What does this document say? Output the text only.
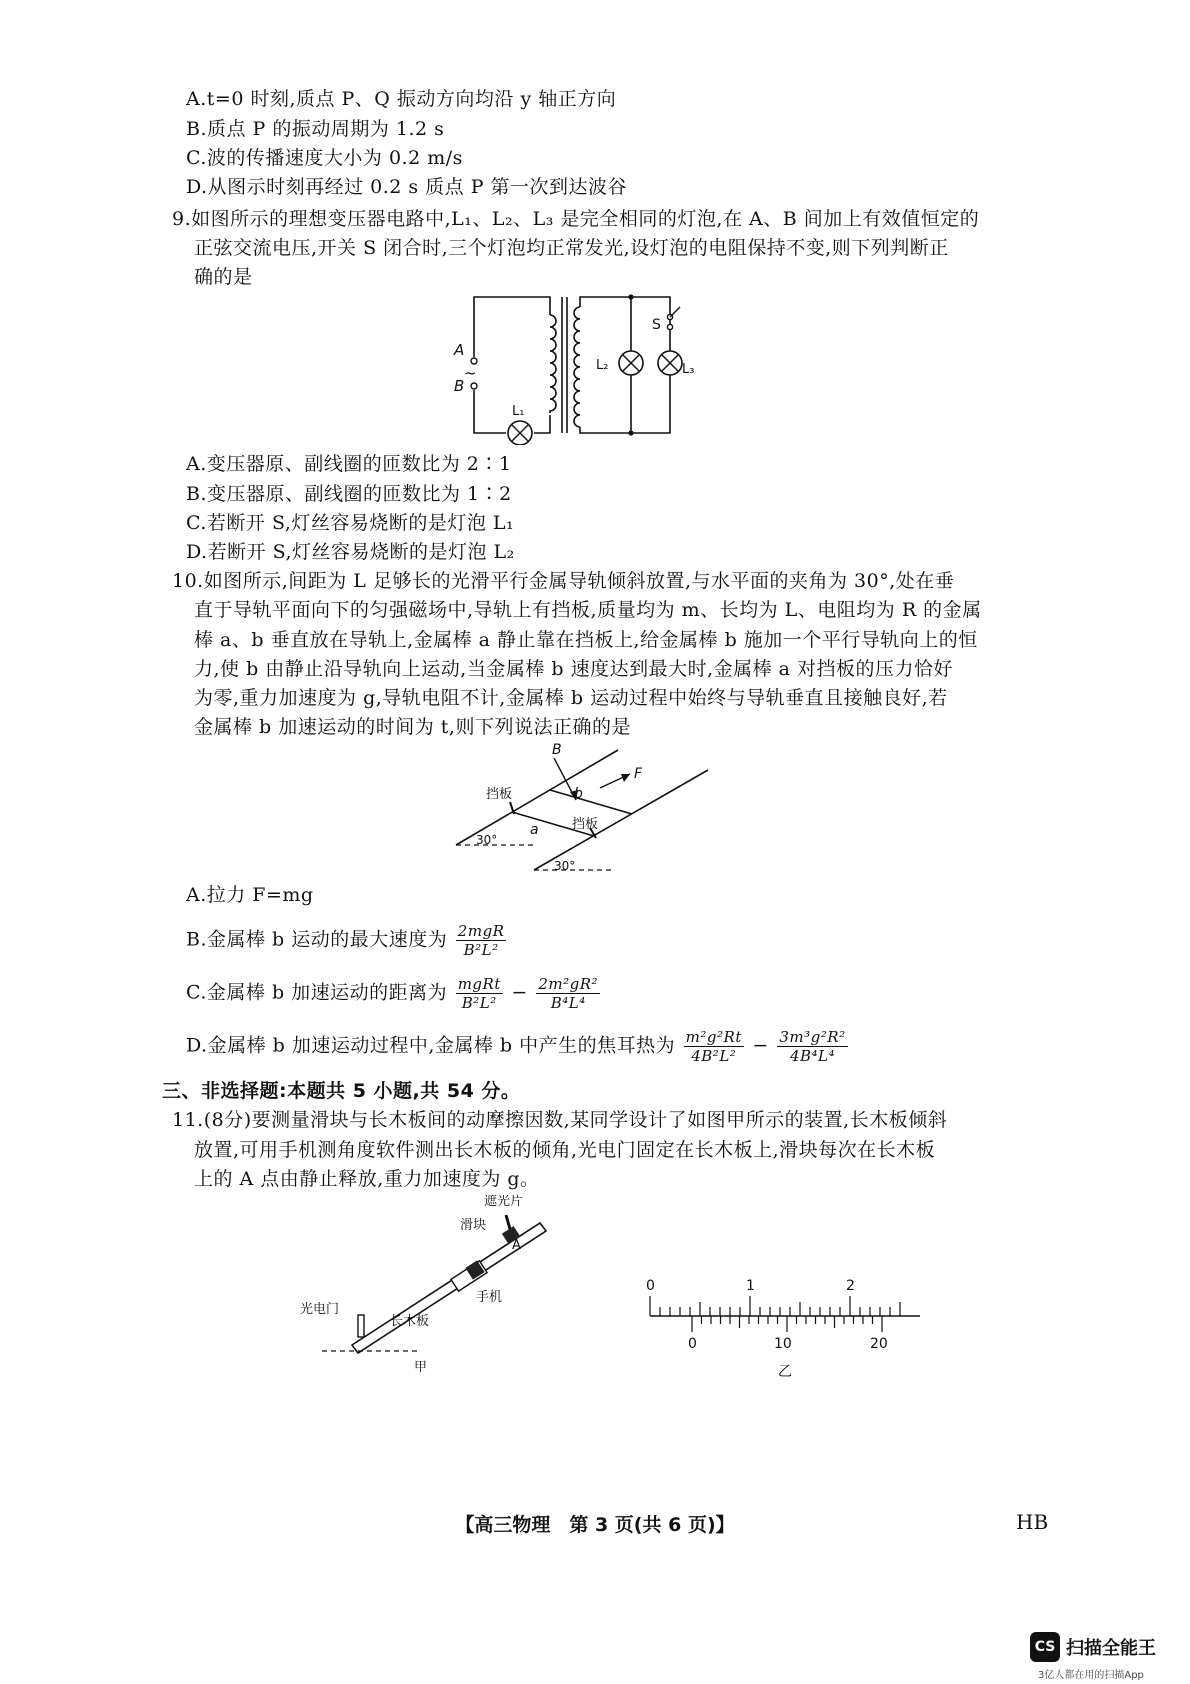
A.t=0 时刻,质点 P、Q 振动方向均沿 y 轴正方向
B.质点 P 的振动周期为 1.2 s
C.波的传播速度大小为 0.2 m/s
D.从图示时刻再经过 0.2 s 质点 P 第一次到达波谷
9.如图所示的理想变压器电路中,L₁、L₂、L₃ 是完全相同的灯泡,在 A、B 间加上有效值恒定的
正弦交流电压,开关 S 闭合时,三个灯泡均正常发光,设灯泡的电阻保持不变,则下列判断正
确的是
A
~
B
S
L₂	L₃
L₁
A.变压器原、副线圈的匝数比为 2∶1
B.变压器原、副线圈的匝数比为 1∶2
C.若断开 S,灯丝容易烧断的是灯泡 L₁
D.若断开 S,灯丝容易烧断的是灯泡 L₂
10.如图所示,间距为 L 足够长的光滑平行金属导轨倾斜放置,与水平面的夹角为 30°,处在垂
直于导轨平面向下的匀强磁场中,导轨上有挡板,质量均为 m、长均为 L、电阻均为 R 的金属
棒 a、b 垂直放在导轨上,金属棒 a 静止靠在挡板上,给金属棒 b 施加一个平行导轨向上的恒
力,使 b 由静止沿导轨向上运动,当金属棒 b 速度达到最大时,金属棒 a 对挡板的压力恰好
为零,重力加速度为 g,导轨电阻不计,金属棒 b 运动过程中始终与导轨垂直且接触良好,若
金属棒 b 加速运动的时间为 t,则下列说法正确的是
B
F
b
a
挡板
挡板
30°
30°
A.拉力 F=mg
B.金属棒 b 运动的最大速度为 $\frac{\text{2mgR}}{\text{B²L²}}$
C.金属棒 b 加速运动的距离为 $\frac{\text{mgRt}}{\text{B²L²}} - \frac{\text{2m²gR²}}{\text{B⁴L⁴}}$
D.金属棒 b 加速运动过程中,金属棒 b 中产生的焦耳热为 $\frac{\text{m²g²Rt}}{\text{4B²L²}} - \frac{\text{3m³g²R²}}{\text{4B⁴L⁴}}$
三、非选择题:本题共 5 小题,共 54 分。
11.(8分)要测量滑块与长木板间的动摩擦因数,某同学设计了如图甲所示的装置,长木板倾斜
放置,可用手机测角度软件测出长木板的倾角,光电门固定在长木板上,滑块每次在长木板
上的 A 点由静止释放,重力加速度为 g。
遮光片
滑块
A
手机
光电门
长木板
甲
0	1	2
0	10	20
乙
【高三物理　第 3 页(共 6 页)】	HB
CS 扫描全能王
3亿人都在用的扫描App
